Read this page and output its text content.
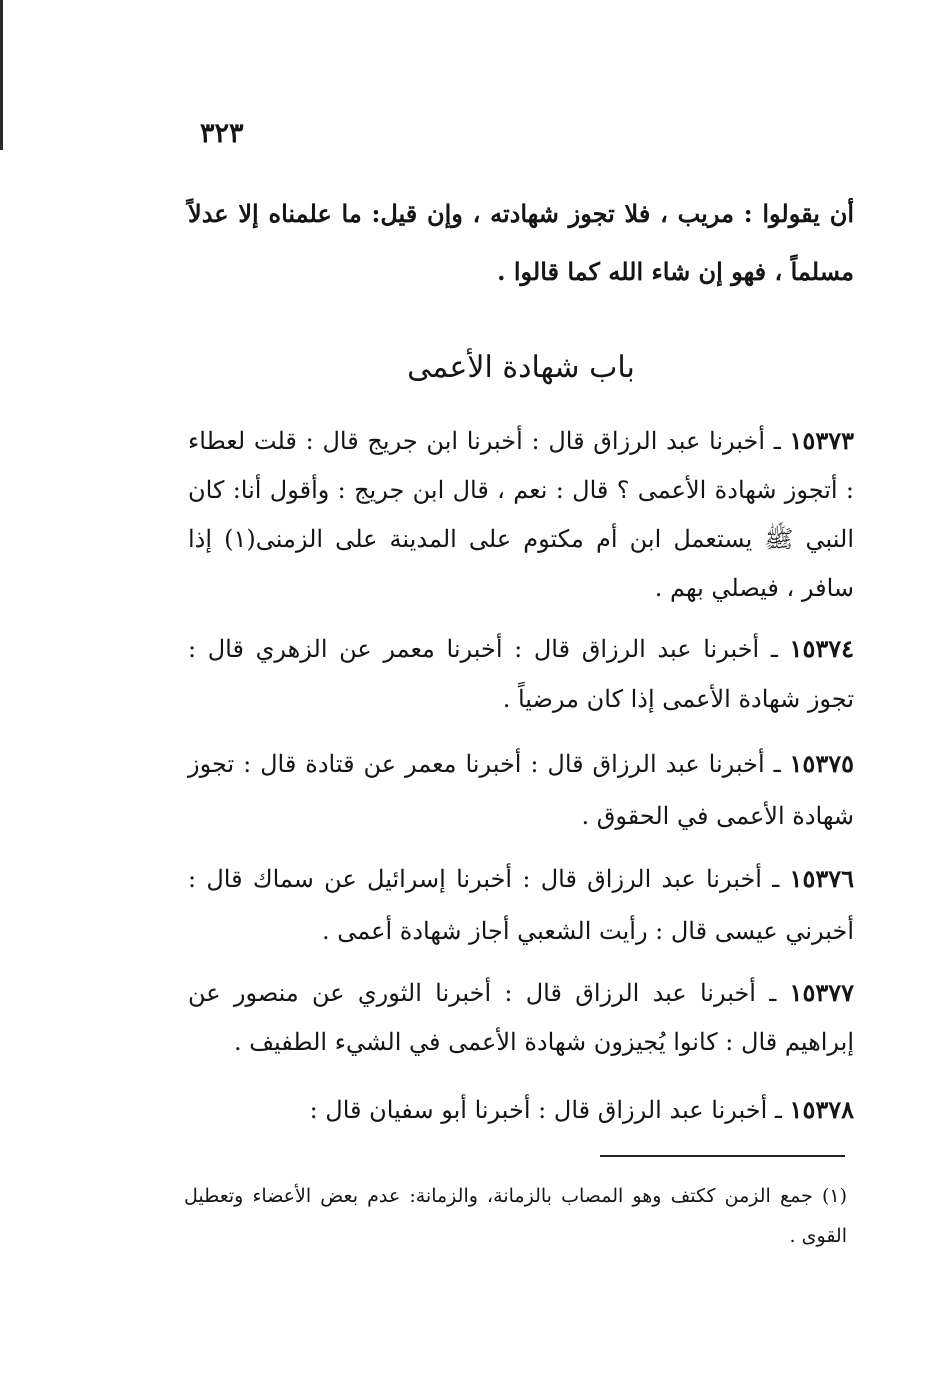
٣٢٣

أن يقولوا : مريب ، فلا تجوز شهادته ، وإن قيل: ما علمناه إلا عدلاً مسلماً ، فهو إن شاء الله كما قالوا .

باب شهادة الأعمى

١٥٣٧٣ ـ أخبرنا عبد الرزاق قال : أخبرنا ابن جريج قال : قلت لعطاء : أتجوز شهادة الأعمى ؟ قال : نعم ، قال ابن جريج : وأقول أنا: كان النبي ﷺ يستعمل ابن أم مكتوم على المدينة على الزمنى(١) إذا سافر ، فيصلي بهم .

١٥٣٧٤ ـ أخبرنا عبد الرزاق قال : أخبرنا معمر عن الزهري قال : تجوز شهادة الأعمى إذا كان مرضياً .

١٥٣٧٥ ـ أخبرنا عبد الرزاق قال : أخبرنا معمر عن قتادة قال : تجوز شهادة الأعمى في الحقوق .

١٥٣٧٦ ـ أخبرنا عبد الرزاق قال : أخبرنا إسرائيل عن سماك قال : أخبرني عيسى قال : رأيت الشعبي أجاز شهادة أعمى .

١٥٣٧٧ ـ أخبرنا عبد الرزاق قال : أخبرنا الثوري عن منصور عن إبراهيم قال : كانوا يُجيزون شهادة الأعمى في الشيء الطفيف .

١٥٣٧٨ ـ أخبرنا عبد الرزاق قال : أخبرنا أبو سفيان قال :

(١) جمع الزمن ككتف وهو المصاب بالزمانة، والزمانة: عدم بعض الأعضاء وتعطيل القوى .
